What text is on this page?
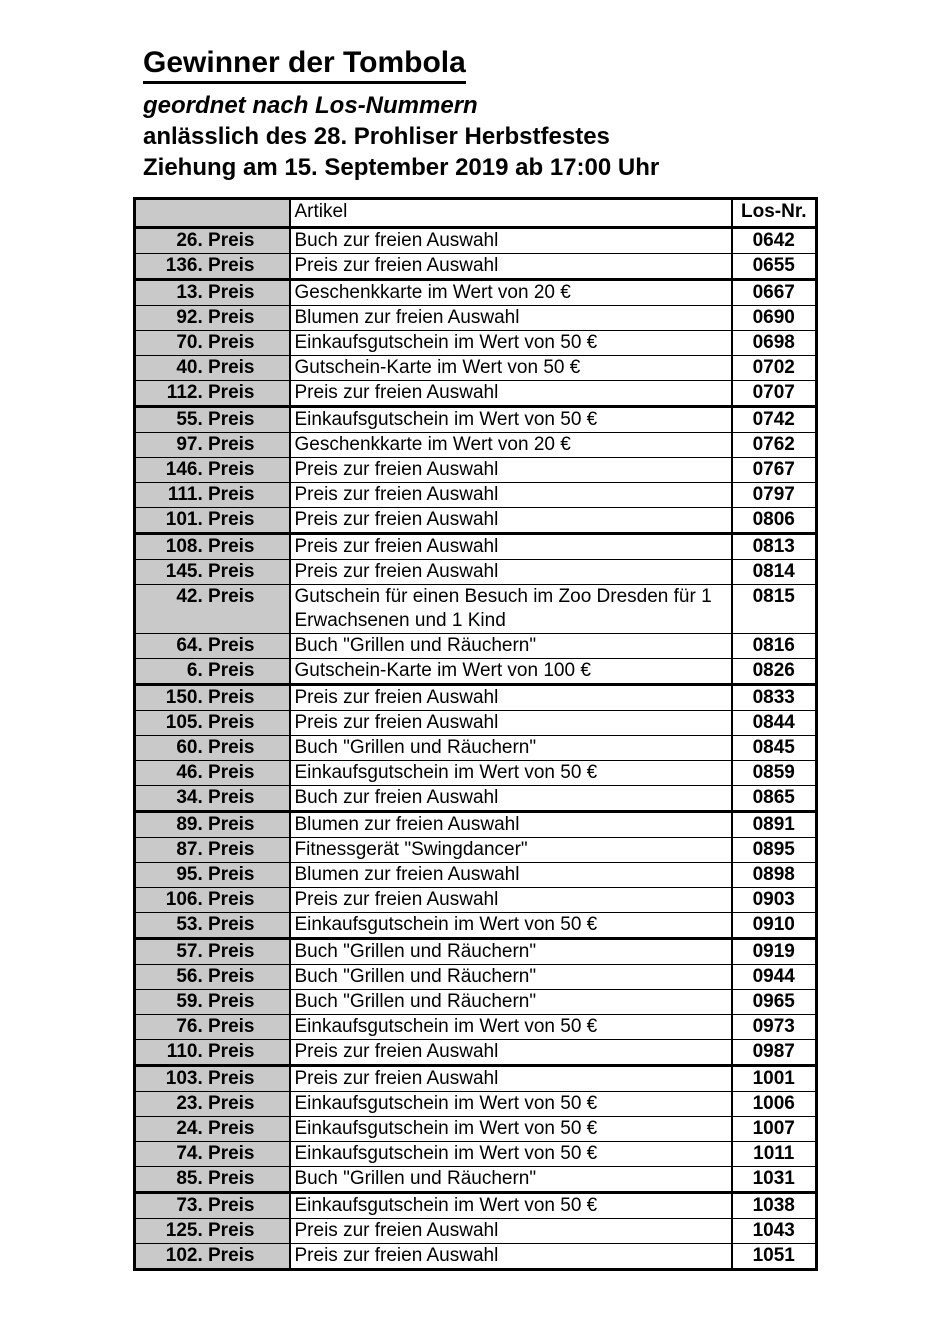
Gewinner der Tombola

geordnet nach Los-Nummern

anlässlich des 28. Prohliser Herbstfestes

Ziehung am 15. September 2019 ab 17:00 Uhr

	Artikel	Los-Nr.
26. Preis	Buch zur freien Auswahl	0642
136. Preis	Preis zur freien Auswahl	0655
13. Preis	Geschenkkarte im Wert von 20 €	0667
92. Preis	Blumen zur freien Auswahl	0690
70. Preis	Einkaufsgutschein im Wert von 50 €	0698
40. Preis	Gutschein-Karte im Wert von 50 €	0702
112. Preis	Preis zur freien Auswahl	0707
55. Preis	Einkaufsgutschein im Wert von 50 €	0742
97. Preis	Geschenkkarte im Wert von 20 €	0762
146. Preis	Preis zur freien Auswahl	0767
111. Preis	Preis zur freien Auswahl	0797
101. Preis	Preis zur freien Auswahl	0806
108. Preis	Preis zur freien Auswahl	0813
145. Preis	Preis zur freien Auswahl	0814
42. Preis	Gutschein für einen Besuch im Zoo Dresden für 1 Erwachsenen und 1 Kind	0815
64. Preis	Buch "Grillen und Räuchern"	0816
6. Preis	Gutschein-Karte im Wert von 100 €	0826
150. Preis	Preis zur freien Auswahl	0833
105. Preis	Preis zur freien Auswahl	0844
60. Preis	Buch "Grillen und Räuchern"	0845
46. Preis	Einkaufsgutschein im Wert von 50 €	0859
34. Preis	Buch zur freien Auswahl	0865
89. Preis	Blumen zur freien Auswahl	0891
87. Preis	Fitnessgerät "Swingdancer"	0895
95. Preis	Blumen zur freien Auswahl	0898
106. Preis	Preis zur freien Auswahl	0903
53. Preis	Einkaufsgutschein im Wert von 50 €	0910
57. Preis	Buch "Grillen und Räuchern"	0919
56. Preis	Buch "Grillen und Räuchern"	0944
59. Preis	Buch "Grillen und Räuchern"	0965
76. Preis	Einkaufsgutschein im Wert von 50 €	0973
110. Preis	Preis zur freien Auswahl	0987
103. Preis	Preis zur freien Auswahl	1001
23. Preis	Einkaufsgutschein im Wert von 50 €	1006
24. Preis	Einkaufsgutschein im Wert von 50 €	1007
74. Preis	Einkaufsgutschein im Wert von 50 €	1011
85. Preis	Buch "Grillen und Räuchern"	1031
73. Preis	Einkaufsgutschein im Wert von 50 €	1038
125. Preis	Preis zur freien Auswahl	1043
102. Preis	Preis zur freien Auswahl	1051
